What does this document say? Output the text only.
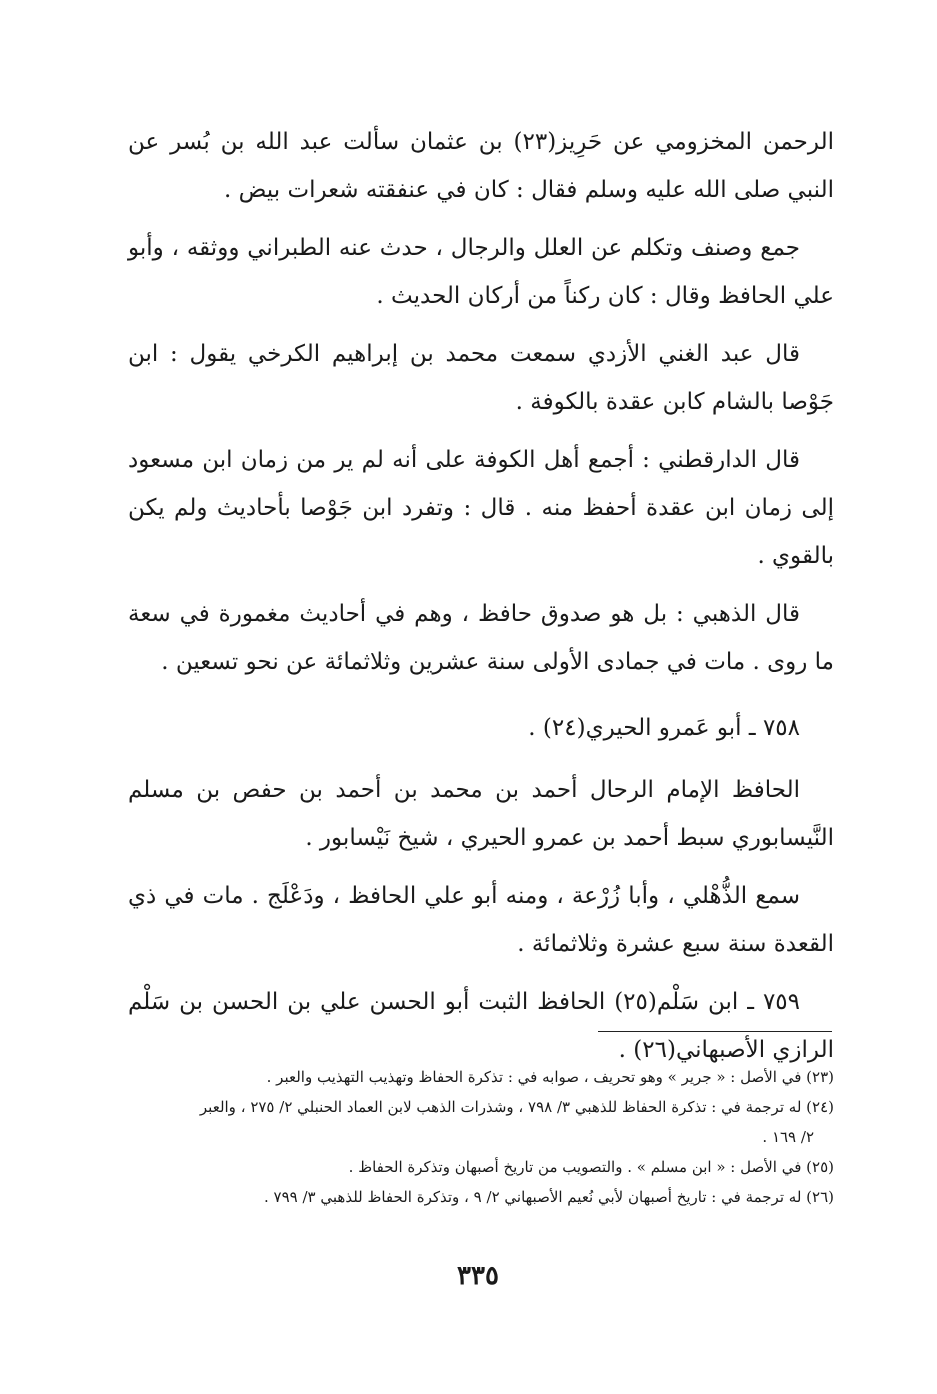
الرحمن المخزومي عن حَرِيز(٢٣) بن عثمان سألت عبد الله بن بُسر عن النبي صلى الله عليه وسلم فقال : كان في عنفقته شعرات بيض .

جمع وصنف وتكلم عن العلل والرجال ، حدث عنه الطبراني ووثقه ، وأبو علي الحافظ وقال : كان ركناً من أركان الحديث .

قال عبد الغني الأزدي سمعت محمد بن إبراهيم الكرخي يقول : ابن جَوْصا بالشام كابن عقدة بالكوفة .

قال الدارقطني : أجمع أهل الكوفة على أنه لم ير من زمان ابن مسعود إلى زمان ابن عقدة أحفظ منه . قال : وتفرد ابن جَوْصا بأحاديث ولم يكن بالقوي .

قال الذهبي : بل هو صدوق حافظ ، وهم في أحاديث مغمورة في سعة ما روى . مات في جمادى الأولى سنة عشرين وثلاثمائة عن نحو تسعين .

٧٥٨ ـ أبو عَمرو الحيري(٢٤) .

الحافظ الإمام الرحال أحمد بن محمد بن أحمد بن حفص بن مسلم النَّيسابوري سبط أحمد بن عمرو الحيري ، شيخ نَيْسابور .

سمع الذُّهْلي ، وأبا زُرْعة ، ومنه أبو علي الحافظ ، ودَعْلَج . مات في ذي القعدة سنة سبع عشرة وثلاثمائة .

٧٥٩ ـ ابن سَلْم(٢٥) الحافظ الثبت أبو الحسن علي بن الحسن بن سَلْم الرازي الأصبهاني(٢٦) .

(٢٣) في الأصل : « جرير » وهو تحريف ، صوابه في : تذكرة الحفاظ وتهذيب التهذيب والعبر .

(٢٤) له ترجمة في : تذكرة الحفاظ للذهبي ٣/ ٧٩٨ ، وشذرات الذهب لابن العماد الحنبلي ٢/ ٢٧٥ ، والعبر

٢/ ١٦٩ .

(٢٥) في الأصل : « ابن مسلم » . والتصويب من تاريخ أصبهان وتذكرة الحفاظ .

(٢٦) له ترجمة في : تاريخ أصبهان لأبي نُعيم الأصبهاني ٢/ ٩ ، وتذكرة الحفاظ للذهبي ٣/ ٧٩٩ .

٣٣٥
